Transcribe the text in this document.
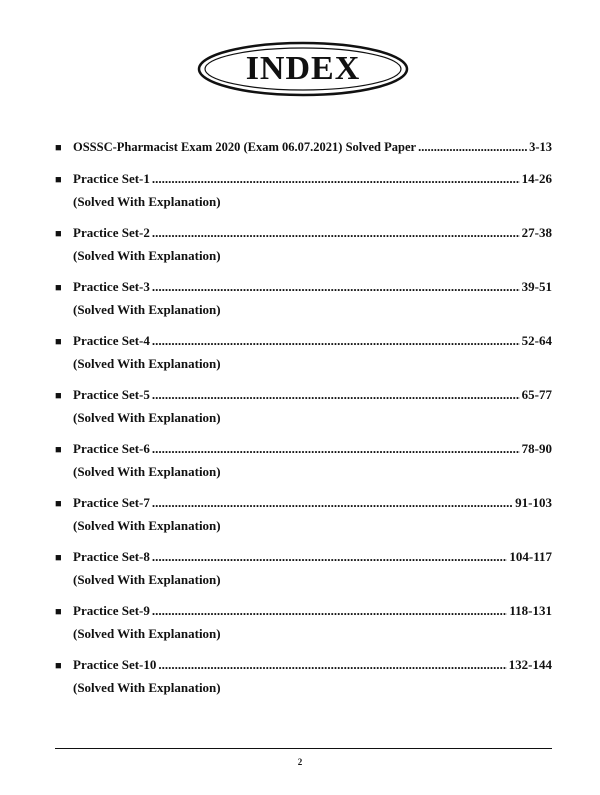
INDEX
■ OSSSC-Pharmacist Exam 2020 (Exam 06.07.2021) Solved Paper .....	3-13
■ Practice Set-1 .....	14-26
(Solved With Explanation)
■ Practice Set-2 .....	27-38
(Solved With Explanation)
■ Practice Set-3 .....	39-51
(Solved With Explanation)
■ Practice Set-4 .....	52-64
(Solved With Explanation)
■ Practice Set-5 .....	65-77
(Solved With Explanation)
■ Practice Set-6 .....	78-90
(Solved With Explanation)
■ Practice Set-7 .....	91-103
(Solved With Explanation)
■ Practice Set-8 .....	104-117
(Solved With Explanation)
■ Practice Set-9 .....	118-131
(Solved With Explanation)
■ Practice Set-10 .....	132-144
(Solved With Explanation)
2
